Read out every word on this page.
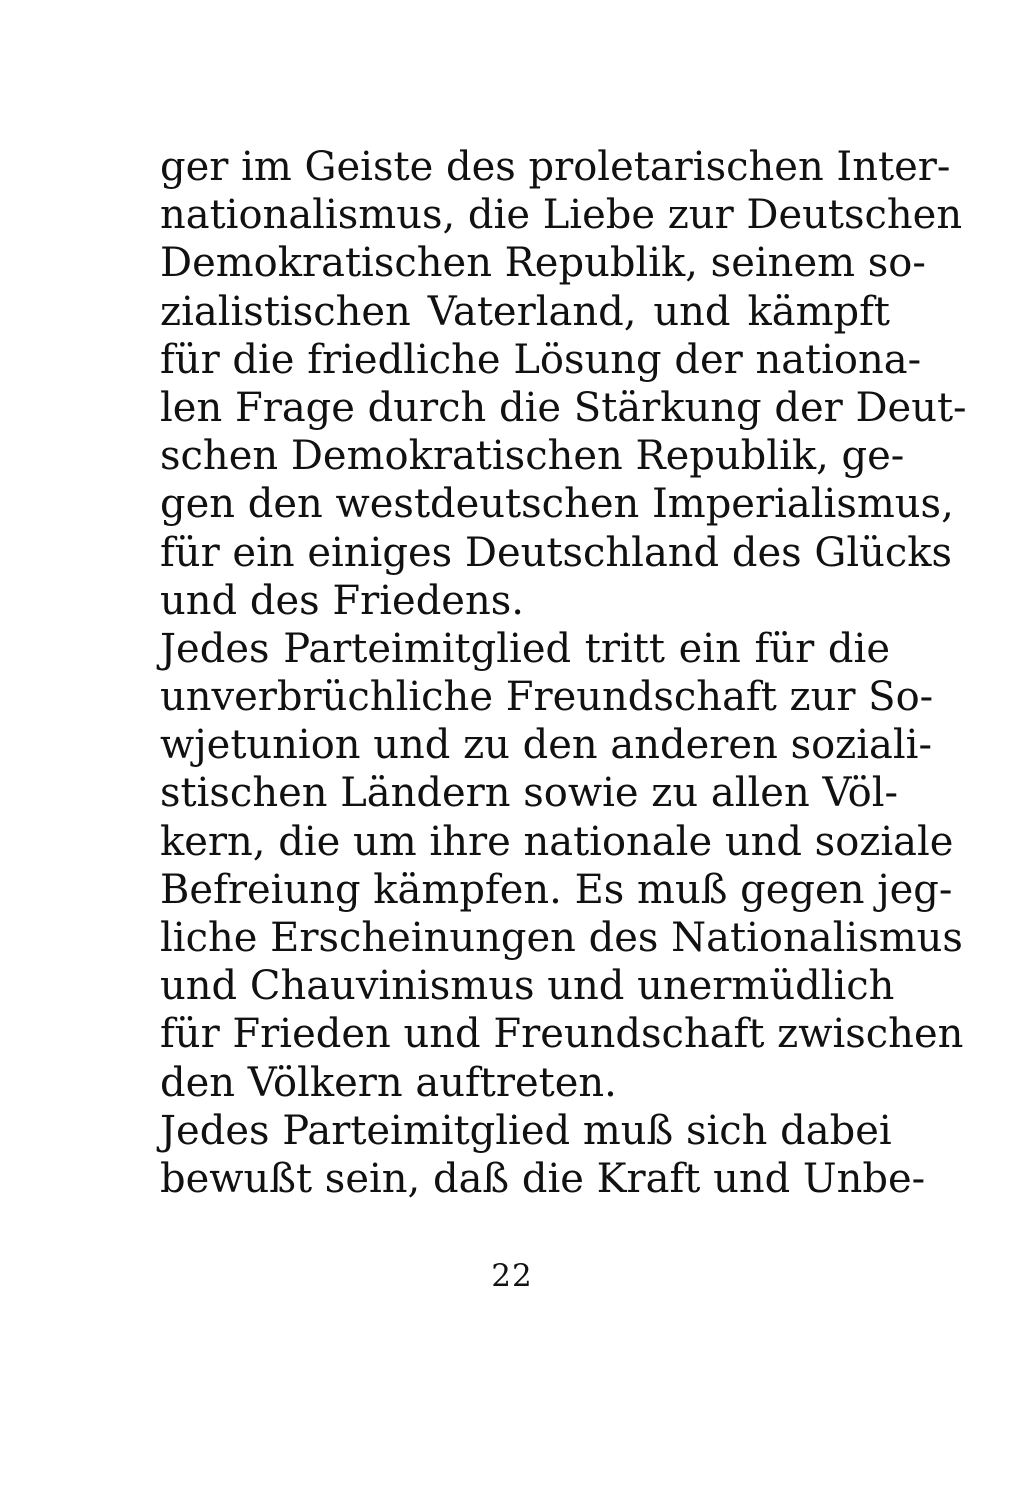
ger im Geiste des proletarischen Inter-
nationalismus, die Liebe zur Deutschen
Demokratischen Republik, seinem so-
zialistischen Vaterland, und kämpft
für die friedliche Lösung der nationa-
len Frage durch die Stärkung der Deut-
schen Demokratischen Republik, ge-
gen den westdeutschen Imperialismus,
für ein einiges Deutschland des Glücks
und des Friedens.
Jedes Parteimitglied tritt ein für die
unverbrüchliche Freundschaft zur So-
wjetunion und zu den anderen soziali-
stischen Ländern sowie zu allen Völ-
kern, die um ihre nationale und soziale
Befreiung kämpfen. Es muß gegen jeg-
liche Erscheinungen des Nationalismus
und Chauvinismus und unermüdlich
für Frieden und Freundschaft zwischen
den Völkern auftreten.
Jedes Parteimitglied muß sich dabei
bewußt sein, daß die Kraft und Unbe-
22
